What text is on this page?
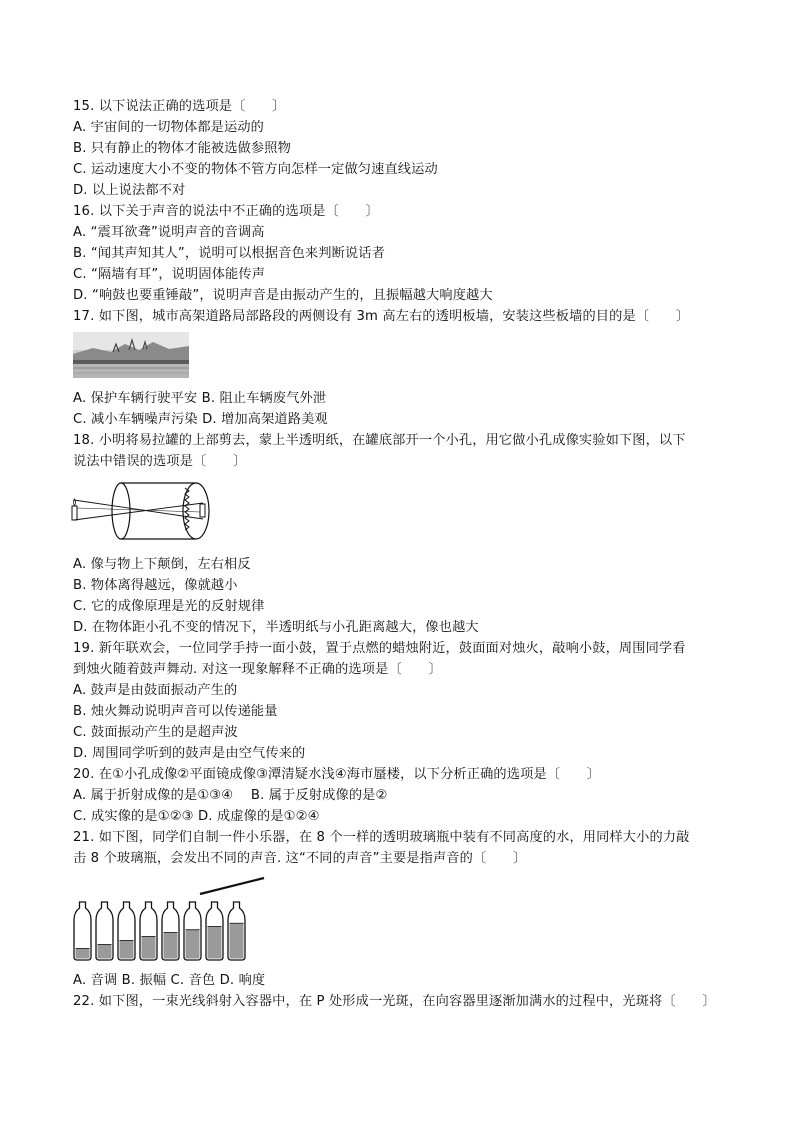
15. 以下说法正确的选项是〔　　〕
A. 宇宙间的一切物体都是运动的
B. 只有静止的物体才能被选做参照物
C. 运动速度大小不变的物体不管方向怎样一定做匀速直线运动
D. 以上说法都不对
16. 以下关于声音的说法中不正确的选项是〔　　〕
A. “震耳欲聋”说明声音的音调高
B. “闻其声知其人”，说明可以根据音色来判断说话者
C. “隔墙有耳”，说明固体能传声
D. “响鼓也要重锤敲”，说明声音是由振动产生的，且振幅越大响度越大
17. 如下图，城市高架道路局部路段的两侧设有 3m 高左右的透明板墙，安装这些板墙的目的是〔　　〕
A. 保护车辆行驶平安 B. 阻止车辆废气外泄
C. 减小车辆噪声污染 D. 增加高架道路美观
18. 小明将易拉罐的上部剪去，蒙上半透明纸，在罐底部开一个小孔，用它做小孔成像实验如下图，以下
说法中错误的选项是〔　　〕
A. 像与物上下颠倒，左右相反
B. 物体离得越远，像就越小
C. 它的成像原理是光的反射规律
D. 在物体距小孔不变的情况下，半透明纸与小孔距离越大，像也越大
19. 新年联欢会，一位同学手持一面小鼓，置于点燃的蜡烛附近，鼓面面对烛火，敲响小鼓，周围同学看
到烛火随着鼓声舞动. 对这一现象解释不正确的选项是〔　　〕
A. 鼓声是由鼓面振动产生的
B. 烛火舞动说明声音可以传递能量
C. 鼓面振动产生的是超声波
D. 周围同学听到的鼓声是由空气传来的
20. 在①小孔成像②平面镜成像③潭清疑水浅④海市蜃楼，以下分析正确的选项是〔　　〕
A. 属于折射成像的是①③④　 B. 属于反射成像的是②
C. 成实像的是①②③ D. 成虚像的是①②④
21. 如下图，同学们自制一件小乐器，在 8 个一样的透明玻璃瓶中装有不同高度的水，用同样大小的力敲
击 8 个玻璃瓶，会发出不同的声音. 这“不同的声音”主要是指声音的〔　　〕
A. 音调 B. 振幅 C. 音色 D. 响度
22. 如下图，一束光线斜射入容器中，在 P 处形成一光斑，在向容器里逐渐加满水的过程中，光斑将〔　　〕
